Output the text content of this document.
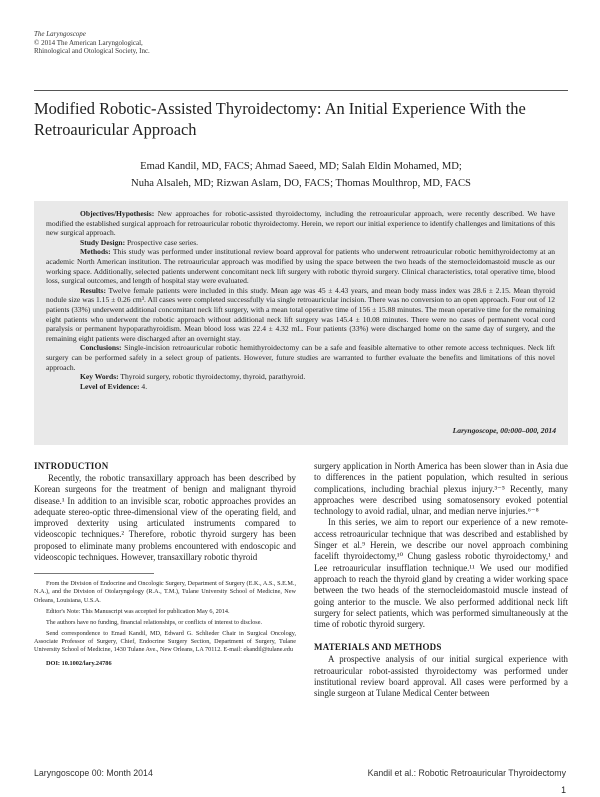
The Laryngoscope
© 2014 The American Laryngological,
Rhinological and Otological Society, Inc.
Modified Robotic-Assisted Thyroidectomy: An Initial Experience With the Retroauricular Approach
Emad Kandil, MD, FACS; Ahmad Saeed, MD; Salah Eldin Mohamed, MD;
Nuha Alsaleh, MD; Rizwan Aslam, DO, FACS; Thomas Moulthrop, MD, FACS

Objectives/Hypothesis: New approaches for robotic-assisted thyroidectomy, including the retroauricular approach, were recently described. We have modified the established surgical approach for retroauricular robotic thyroidectomy. Herein, we report our initial experience to identify challenges and limitations of this new surgical approach.

Study Design: Prospective case series.

Methods: This study was performed under institutional review board approval for patients who underwent retroauricular robotic hemithyroidectomy at an academic North American institution. The retroauricular approach was modified by using the space between the two heads of the sternocleidomastoid muscle as our working space. Additionally, selected patients underwent concomitant neck lift surgery with robotic thyroid surgery. Clinical characteristics, total operative time, blood loss, surgical outcomes, and length of hospital stay were evaluated.

Results: Twelve female patients were included in this study. Mean age was 45 ± 4.43 years, and mean body mass index was 28.6 ± 2.15. Mean thyroid nodule size was 1.15 ± 0.26 cm³. All cases were completed successfully via single retroauricular incision. There was no conversion to an open approach. Four out of 12 patients (33%) underwent additional concomitant neck lift surgery, with a mean total operative time of 156 ± 15.88 minutes. The mean operative time for the remaining eight patients who underwent the robotic approach without additional neck lift surgery was 145.4 ± 10.08 minutes. There were no cases of permanent vocal cord paralysis or permanent hypoparathyroidism. Mean blood loss was 22.4 ± 4.32 mL. Four patients (33%) were discharged home on the same day of surgery, and the remaining eight patients were discharged after an overnight stay.

Conclusions: Single-incision retroauricular robotic hemithyroidectomy can be a safe and feasible alternative to other remote access techniques. Neck lift surgery can be performed safely in a select group of patients. However, future studies are warranted to further evaluate the benefits and limitations of this novel approach.

Key Words: Thyroid surgery, robotic thyroidectomy, thyroid, parathyroid.

Level of Evidence: 4.

Laryngoscope, 00:000–000, 2014
INTRODUCTION

Recently, the robotic transaxillary approach has been described by Korean surgeons for the treatment of benign and malignant thyroid disease.¹ In addition to an invisible scar, robotic approaches provides an adequate stereo-optic three-dimensional view of the operating field, and improved dexterity using articulated instruments compared to videoscopic techniques.² Therefore, robotic thyroid surgery has been proposed to eliminate many problems encountered with endoscopic and videoscopic techniques. However, transaxillary robotic thyroid

From the Division of Endocrine and Oncologic Surgery, Department of Surgery (E.K., A.S., S.E.M., N.A.), and the Division of Otolaryngology (R.A., T.M.), Tulane University School of Medicine, New Orleans, Louisiana, U.S.A.

Editor's Note: This Manuscript was accepted for publication May 6, 2014.

The authors have no funding, financial relationships, or conflicts of interest to disclose.

Send correspondence to Emad Kandil, MD, Edward G. Schlieder Chair in Surgical Oncology, Associate Professor of Surgery, Chief, Endocrine Surgery Section, Department of Surgery, Tulane University School of Medicine, 1430 Tulane Ave., New Orleans, LA 70112. E-mail: ekandil@tulane.edu

DOI: 10.1002/lary.24786

surgery application in North America has been slower than in Asia due to differences in the patient population, which resulted in serious complications, including brachial plexus injury.³⁻⁵ Recently, many approaches were described using somatosensory evoked potential technology to avoid radial, ulnar, and median nerve injuries.⁶⁻⁸

In this series, we aim to report our experience of a new remote-access retroauricular technique that was described and established by Singer et al.⁹ Herein, we describe our novel approach combining facelift thyroidectomy,¹⁰ Chung gasless robotic thyroidectomy,¹ and Lee retroauricular insufflation technique.¹¹ We used our modified approach to reach the thyroid gland by creating a wider working space between the two heads of the sternocleidomastoid muscle instead of going anterior to the muscle. We also performed additional neck lift surgery for select patients, which was performed simultaneously at the time of robotic thyroid surgery.

MATERIALS AND METHODS

A prospective analysis of our initial surgical experience with retroauricular robot-assisted thyroidectomy was performed under institutional review board approval. All cases were performed by a single surgeon at Tulane Medical Center between

Laryngoscope 00: Month 2014	Kandil et al.: Robotic Retroauricular Thyroidectomy
1
